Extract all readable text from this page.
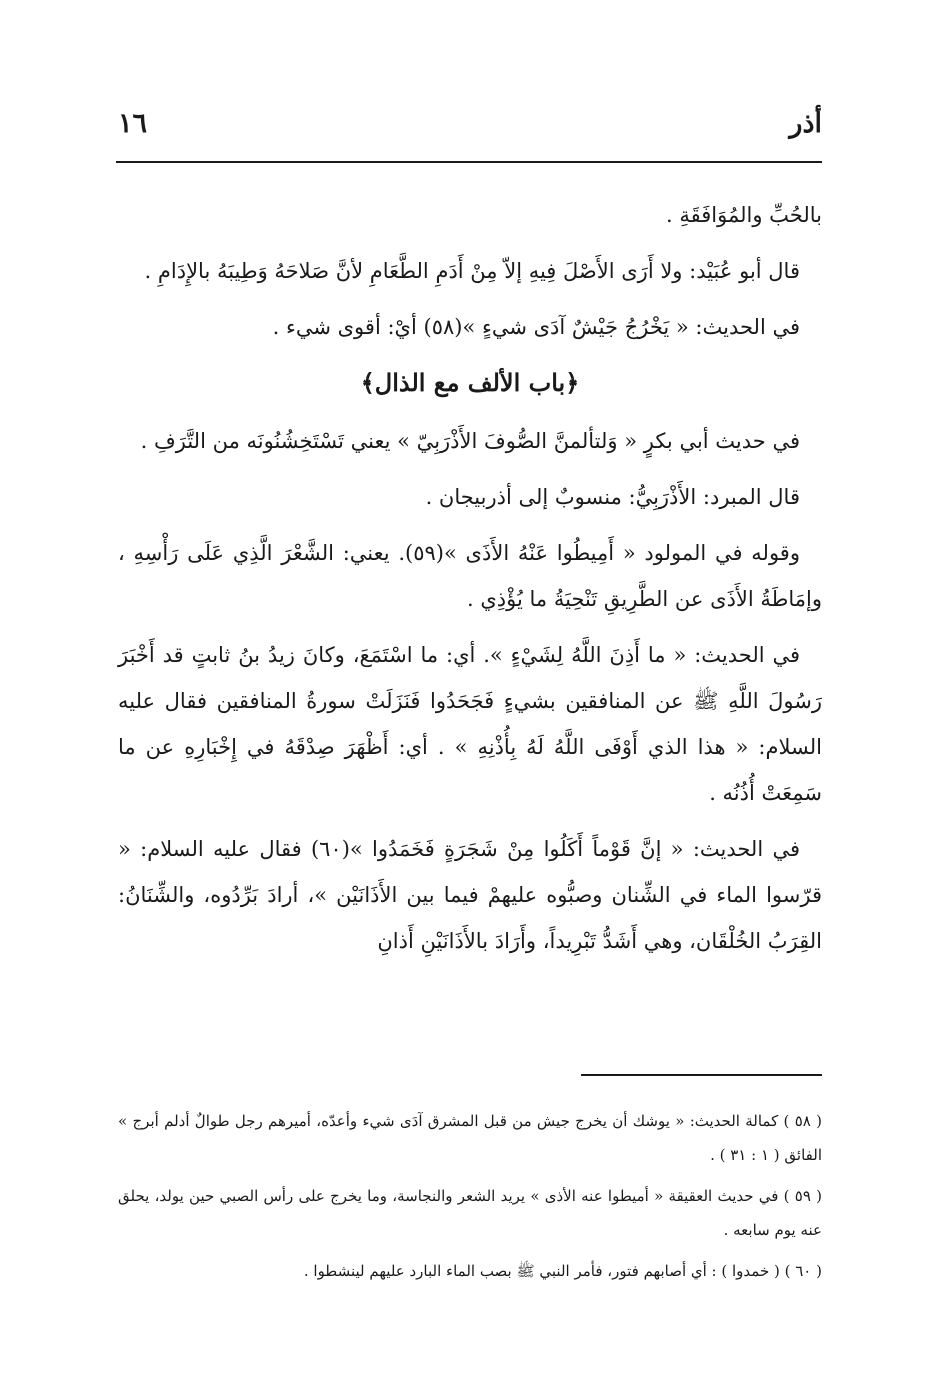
أذر
١٦

بالحُبِّ والمُوَافَقَةِ .

قال أبو عُبَيْد: ولا أَرَى الأَصْلَ فِيهِ إلاّ مِنْ أَدَمِ الطَّعَامِ لأنَّ صَلاحَهُ وَطِيبَهُ بالإِدَامِ .

في الحديث: « يَخْرُجُ جَيْشٌ آدَى شيءٍ »(٥٨) أيْ: أقوى شيء .

﴿باب الألف مع الذال﴾

في حديث أبي بكرٍ « وَلتألمنَّ الصُّوفَ الأَذْرَبِيّ » يعني تَسْتَخِشُنُونَه من التَّرَفِ .

قال المبرد: الأَذْرَبِيُّ: منسوبٌ إلى أذربيجان .

وقوله في المولود « أَمِيطُوا عَنْهُ الأَذَى »(٥٩). يعني: الشَّعْرَ الَّذِي عَلَى رَأْسِهِ ، وإمَاطَةُ الأَذَى عن الطَّرِيقِ تَنْحِيَةُ ما يُؤْذِي .

في الحديث: « ما أَذِنَ اللَّهُ لِشَيْءٍ ». أي: ما اسْتَمَعَ، وكانَ زيدُ بنُ ثابتٍ قد أَخْبَرَ رَسُولَ اللَّهِ ﷺ عن المنافقين بشيءٍ فَجَحَدُوا فَنَزَلَتْ سورةُ المنافقين فقال عليه السلام: « هذا الذي أَوْفَى اللَّهُ لَهُ بِأُذْنِهِ » . أي: أَظْهَرَ صِدْقَهُ في إِخْبَارِهِ عن ما سَمِعَتْ أُذُنُه .

في الحديث: « إنَّ قَوْماً أَكَلُوا مِنْ شَجَرَةٍ فَخَمَدُوا »(٦٠) فقال عليه السلام: « قرّسوا الماء في الشِّنان وصبُّوه عليهمْ فيما بين الأَذَانَيْن »، أرادَ بَرِّدُوه، والشِّنَانُ: القِرَبُ الخُلْقَان، وهي أَشَدُّ تَبْرِيداً، وأَرَادَ بالأَذَانَيْنِ أَذانِ

( ٥٨ ) كمالة الحديث: « يوشك أن يخرج جيش من قبل المشرق آدَى شيء وأعدّه، أميرهم رجل طوالٌ أدلم أبرج » الفائق ( ١ : ٣١ ) .

( ٥٩ ) في حديث العقيقة « أميطوا عنه الأذى » يريد الشعر والنجاسة، وما يخرج على رأس الصبي حين يولد، يحلق عنه يوم سابعه .

( ٦٠ ) ( خمدوا ) : أي أصابهم فتور، فأمر النبي ﷺ بصب الماء البارد عليهم لينشطوا .
